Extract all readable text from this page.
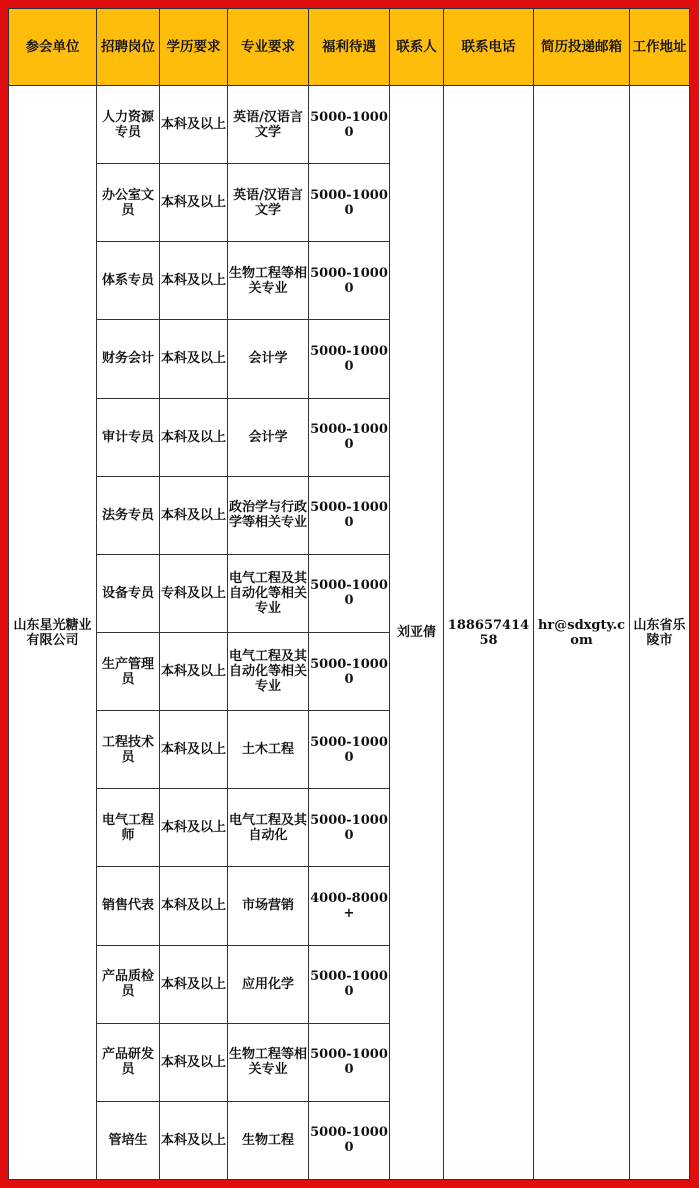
参会单位	招聘岗位	学历要求	专业要求	福利待遇	联系人	联系电话	简历投递邮箱	工作地址
山东星光糖业有限公司	人力资源专员	本科及以上	英语/汉语言文学	5000-10000	刘亚倩	18865741458	hr@sdxgty.com	山东省乐陵市
	办公室文员	本科及以上	英语/汉语言文学	5000-10000				
	体系专员	本科及以上	生物工程等相关专业	5000-10000				
	财务会计	本科及以上	会计学	5000-10000				
	审计专员	本科及以上	会计学	5000-10000				
	法务专员	本科及以上	政治学与行政学等相关专业	5000-10000				
	设备专员	专科及以上	电气工程及其自动化等相关专业	5000-10000				
	生产管理员	本科及以上	电气工程及其自动化等相关专业	5000-10000				
	工程技术员	本科及以上	土木工程	5000-10000				
	电气工程师	本科及以上	电气工程及其自动化	5000-10000				
	销售代表	本科及以上	市场营销	4000-8000+				
	产品质检员	本科及以上	应用化学	5000-10000				
	产品研发员	本科及以上	生物工程等相关专业	5000-10000				
	管培生	本科及以上	生物工程	5000-10000				
